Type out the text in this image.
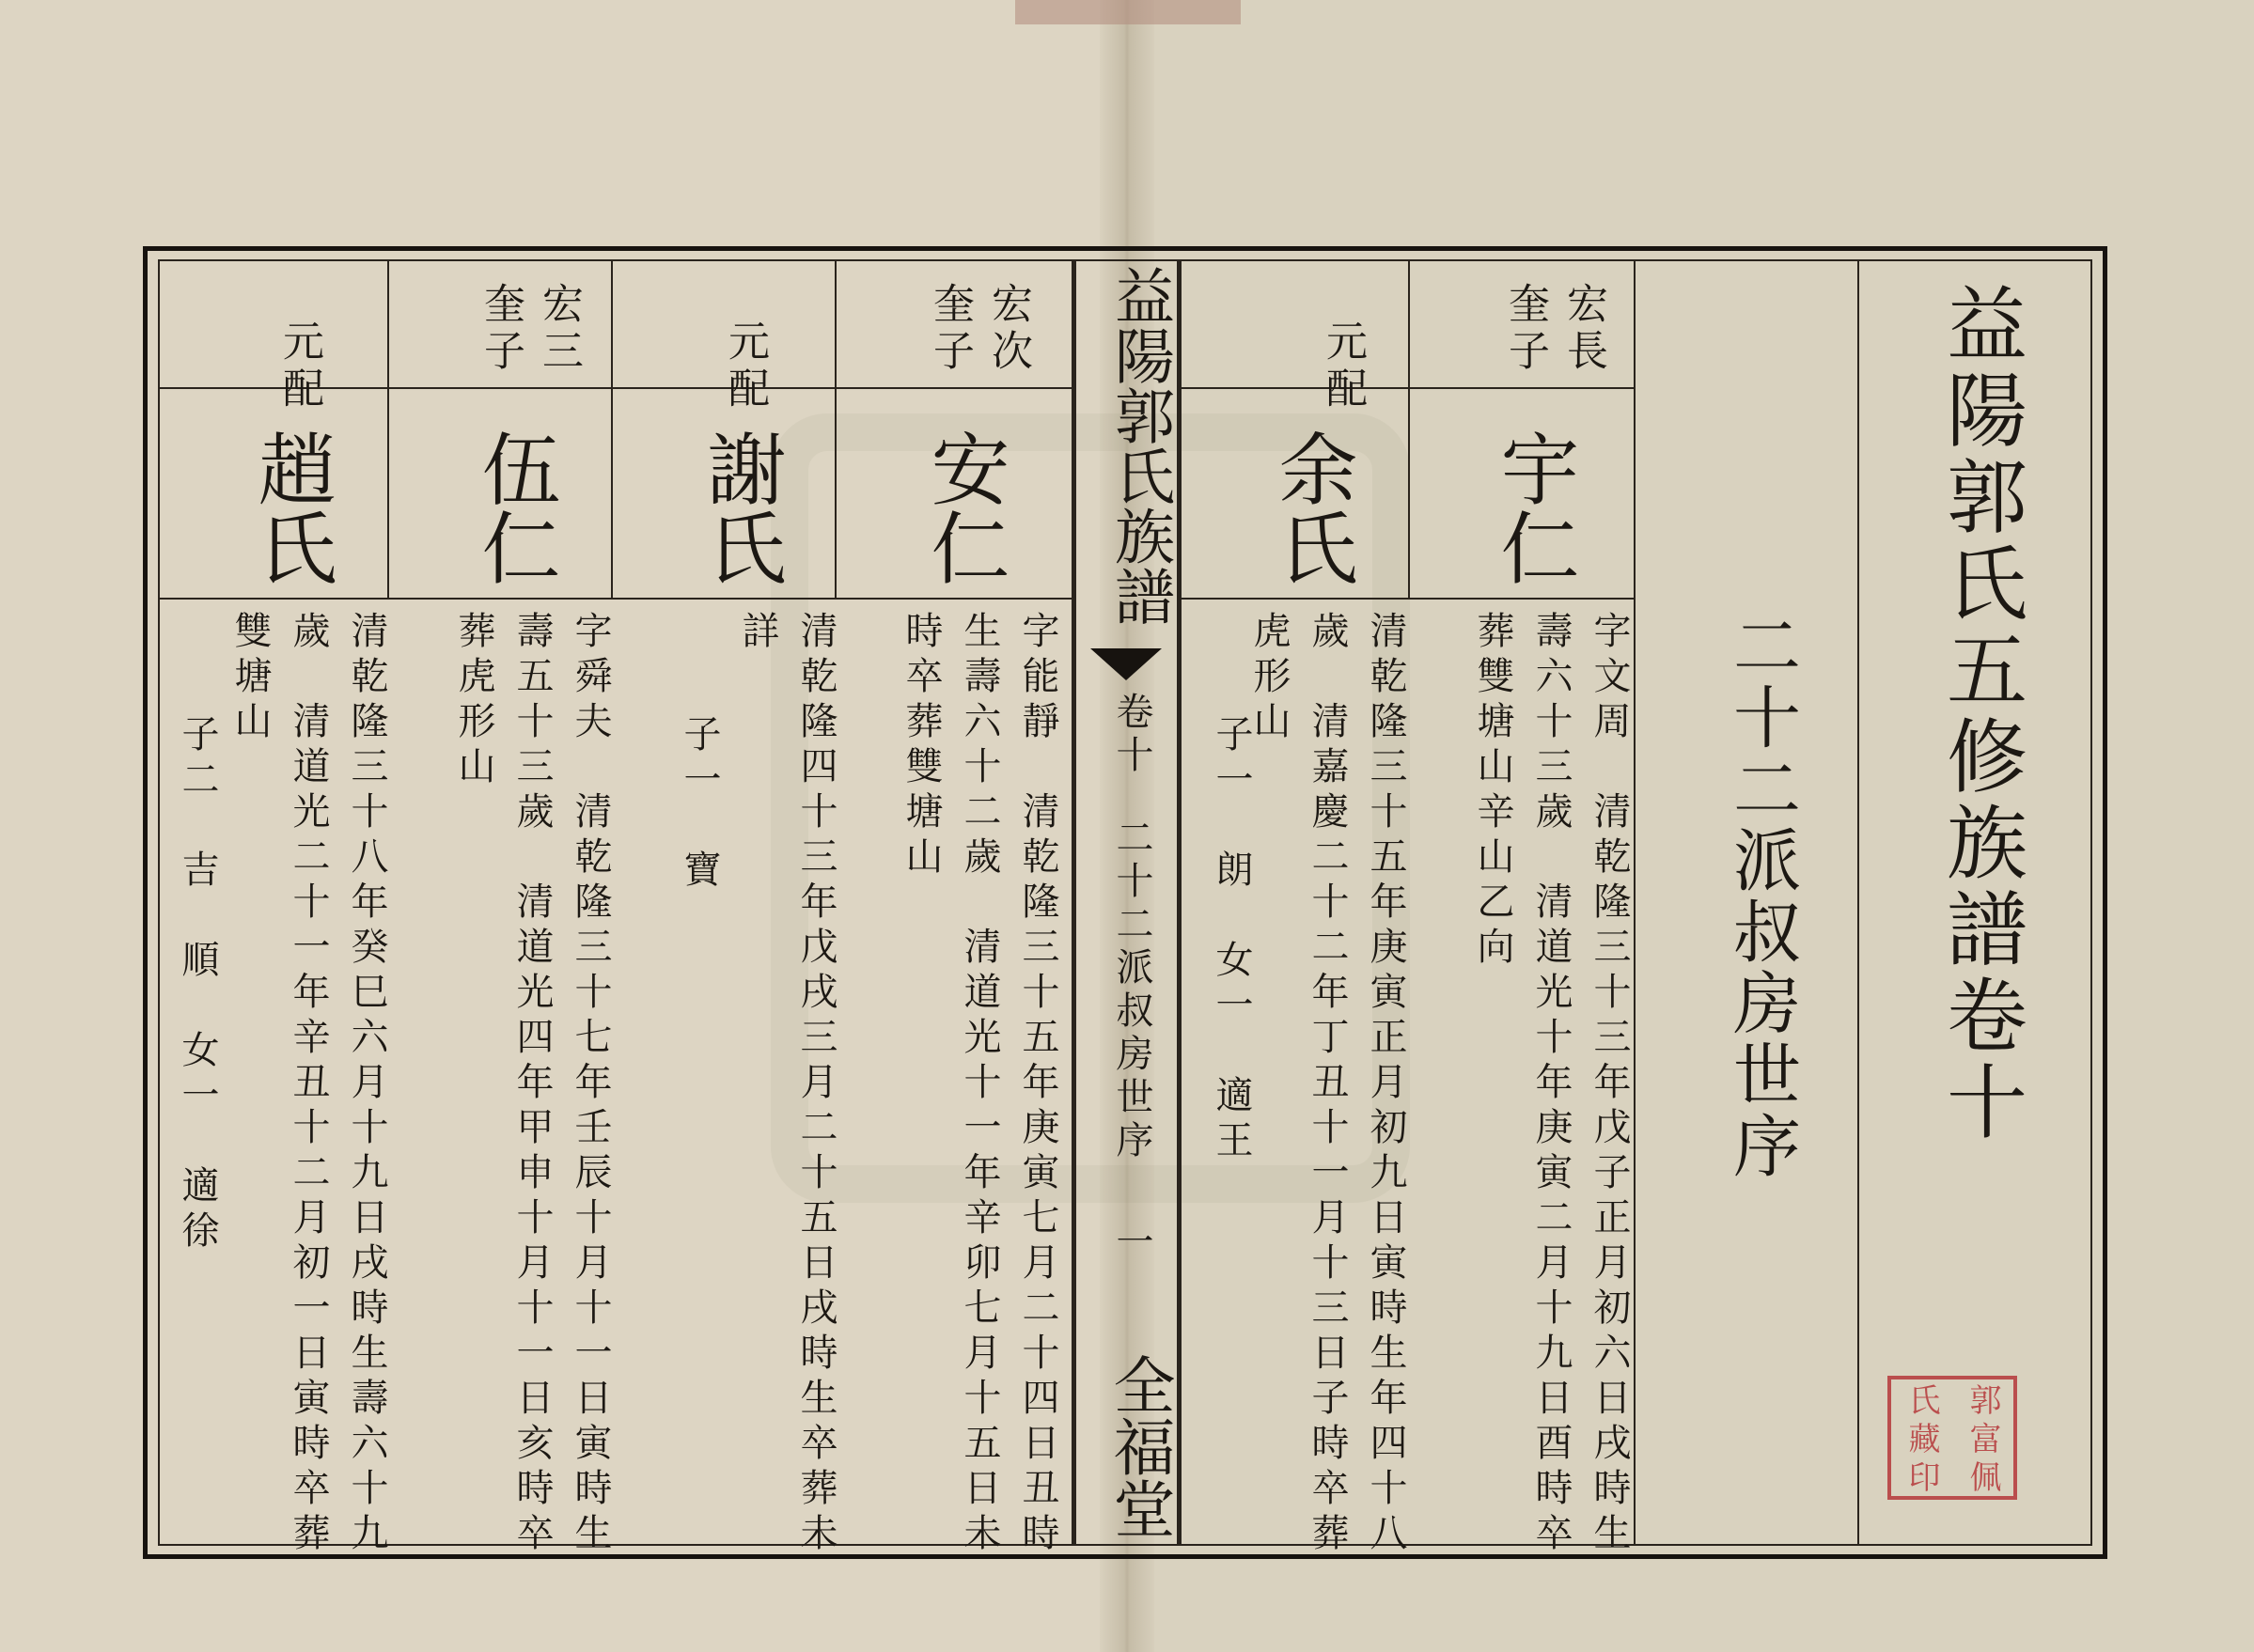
益陽郭氏五修族譜卷十
二十二派叔房世序
益陽郭氏族譜
卷十
二十二派叔房世序
一
全福堂
宏長
奎子
宇仁
字文周　清乾隆三十三年戊子正月初六日戌時生
壽六十三歲　清道光十年庚寅二月十九日酉時卒
葬雙塘山辛山乙向
元配
余氏
清乾隆三十五年庚寅正月初九日寅時生年四十八
歲　清嘉慶二十二年丁丑十一月十三日子時卒葬
虎形山
子一　朗　女一　適王
宏次
奎子
安仁
字能靜　清乾隆三十五年庚寅七月二十四日丑時
生壽六十二歲　清道光十一年辛卯七月十五日未
時卒葬雙塘山
元配
謝氏
清乾隆四十三年戊戌三月二十五日戌時生卒葬未
詳
子一　寶
宏三
奎子
伍仁
字舜夫　清乾隆三十七年壬辰十月十一日寅時生
壽五十三歲　清道光四年甲申十月十一日亥時卒
葬虎形山
元配
趙氏
清乾隆三十八年癸巳六月十九日戌時生壽六十九
歲　清道光二十一年辛丑十二月初一日寅時卒葬
雙塘山
子二　吉　順　女一　適徐
郭
富
佩
氏
藏
印
